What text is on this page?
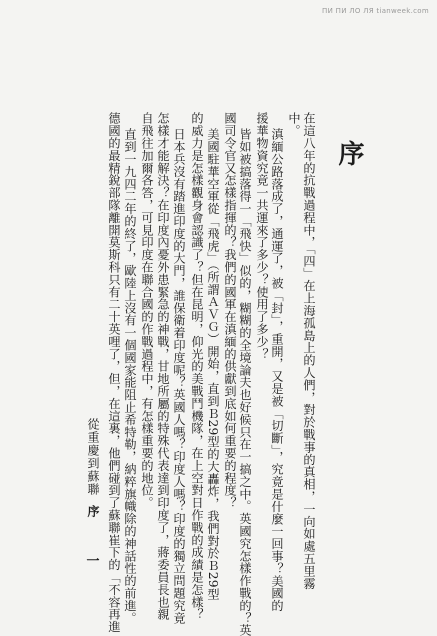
ПИ ПИ ЛО ЛЯ tianweek.com
序
在這八年的抗戰過程中，「四」在上海孤島上的人們，對於戰事的真相，一向如處五里霧
中。
滇緬公路落成了，通運了，被「封」，重開，又是被「切斷」，究竟是什麼一回事？美國的
援華物資究竟一共運來了多少？使用了多少？
皆如被搞落得一「飛快」似的，糊糊的全境論夫也好候只在一搞之中。英國究怎樣作戰的？英
國司令官又怎樣指揮的？我們的國軍在滇緬的供獻到底如何重要的程度？
美國駐華空軍從「飛虎」（所謂ＡＶＧ）開始，直到Ｂ29型的大轟炸，我們對於Ｂ29型
的威力是怎樣觀身會認識了？但在昆明，仰光的美戰鬥機隊，在上空對日作戰的成績是怎樣？
日本兵沒有踏進印度的大門，誰保衛着印度呢？英國人嗎？印度人嗎？印度的獨立問題究竟
怎樣才能解決？在印度內憂外患緊急的神戰，甘地所屬的特殊代表達到印度了，蔣委員長也親
自飛往加爾各答，可見印度在聯合國的作戰過程中，有怎樣重要的地位。
直到一九四二年的終了，歐陸上沒有一個國家能阻止希特勒，納粹旗幟除的神話性的前進。
德國的最精銳部隊離開莫斯科只有二十英哩了，但，在這裏，他們碰到了蘇聯崔下的「不容再進
從重慶到蘇聯
序
一
